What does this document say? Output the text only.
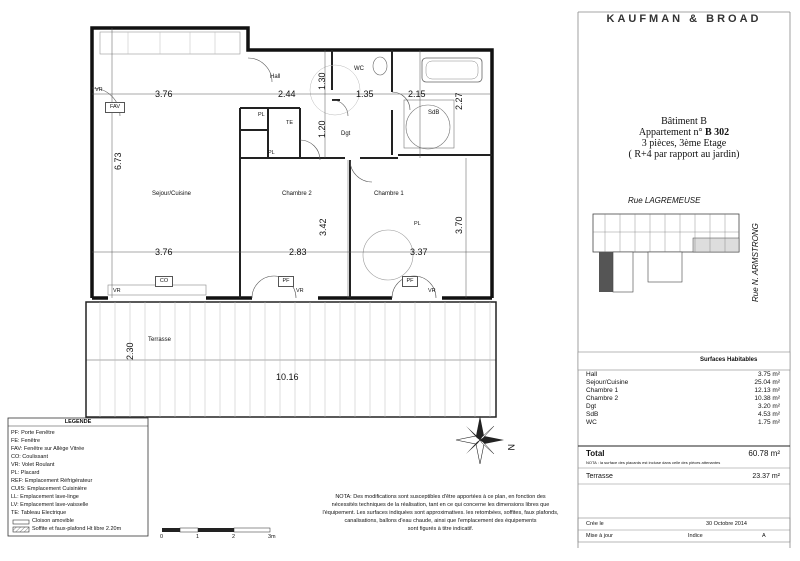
3.76	2.44
1.30
1.35	2.15	2.27
1.20
6.73
3.42	3.70
3.76	2.83	3.37
2.30
10.16
Hall
WC
SdB
Dgt
Sejour/Cuisine	Chambre 2	Chambre 1
Terrasse
VR
FAV
PL
TE
PL
PL
CO
VR
PF
VR
PF
VR
N
0	1	2	3m
LEGENDE
PF: Porte Fenêtre
FE: Fenêtre
FAV: Fenêtre sur Allège Vitrée
CO: Coulissant
VR: Volet Roulant
PL: Placard
REF: Emplacement Réfrigérateur
CUIS: Emplacement Cuisinière
LL: Emplacement lave-linge
LV: Emplacement lave-vaisselle
TE: Tableau Electrique
Cloison amovible
Soffite et faux-plafond Ht libre 2.20m
NOTA: Des modifications sont susceptibles d'être apportées à ce plan, en fonction des
nécessités techniques de la réalisation, tant en ce qui concerne les dimensions libres que
l'équipement. Les surfaces indiquées sont approximatives. les retombées, soffites, faux plafonds,
canalisations, ballons d'eau chaude, ainsi que l'emplacement des équipements
sont figurés à titre indicatif.
KAUFMAN & BROAD
Bâtiment B
Appartement n° B 302
3 pièces, 3ème Etage
( R+4 par rapport au jardin)
Rue LAGREMEUSE
Rue N. ARMSTRONG
Surfaces Habitables
Hall	3.75 m²
Sejour/Cuisine	25.04 m²
Chambre 1	12.13 m²
Chambre 2	10.38 m²
Dgt	3.20 m²
SdB	4.53 m²
WC	1.75 m²
Total	60.78 m²
NOTA : la surface des placards est incluse dans celle des pièces attenantes
Terrasse	23.37 m²
Crée le	30 Octobre 2014
Mise à jour	Indice	A
